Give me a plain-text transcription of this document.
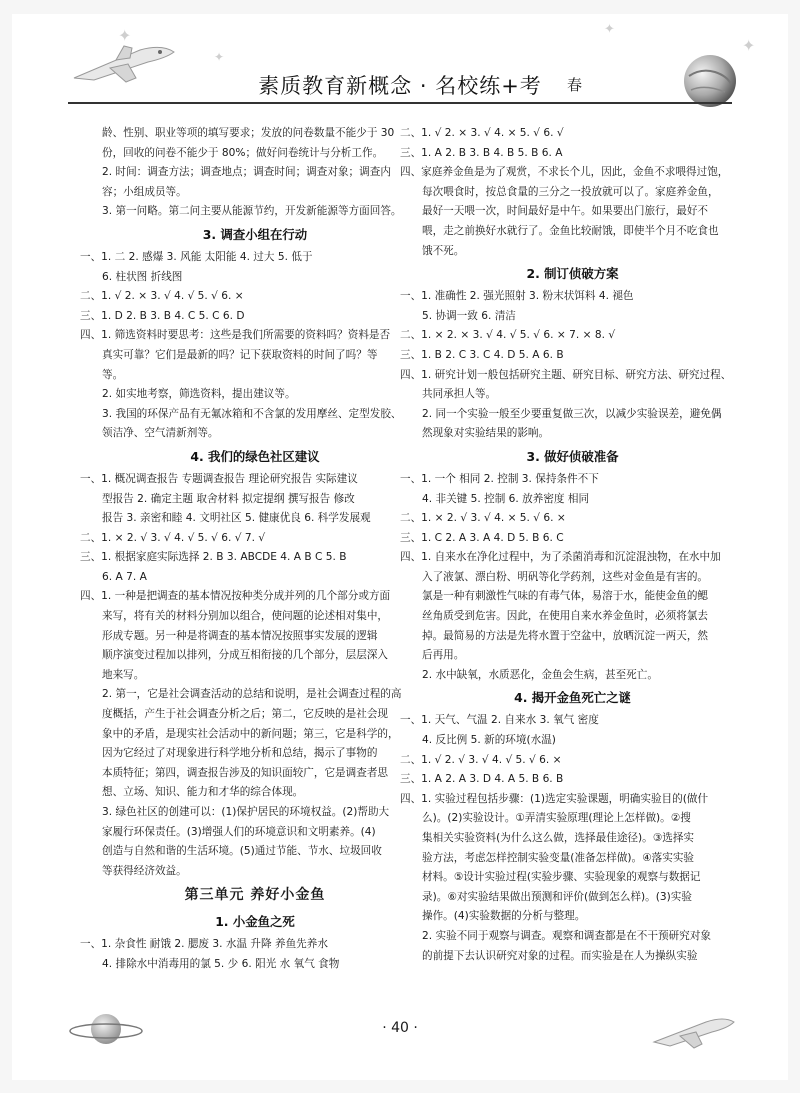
✦
✦
✦
✦
素质教育新概念 · 名校练+考	春
龄、性别、职业等项的填写要求；发放的问卷数量不能少于 30
份，回收的问卷不能少于 80%；做好问卷统计与分析工作。
2. 时间：调查方法；调查地点；调查时间；调查对象；调查内
容；小组成员等。
3. 第一问略。第二问主要从能源节约，开发新能源等方面回答。
3. 调查小组在行动
一、1. 二 2. 感爆 3. 风能 太阳能 4. 过大 5. 低于
6. 柱状图 折线图
二、1. √ 2. × 3. √ 4. √ 5. √ 6. ×
三、1. D 2. B 3. B 4. C 5. C 6. D
四、1. 筛选资料时要思考：这些是我们所需要的资料吗？资料是否
真实可靠？它们是最新的吗？记下获取资料的时间了吗？等
等。
2. 如实地考察，筛选资料，提出建议等。
3. 我国的环保产品有无氟冰箱和不含氯的发用摩丝、定型发胶、
领洁净、空气清新剂等。
4. 我们的绿色社区建议
一、1. 概况调查报告 专题调查报告 理论研究报告 实际建议
型报告 2. 确定主题 取舍材料 拟定提纲 撰写报告 修改
报告 3. 亲密和睦 4. 文明社区 5. 健康优良 6. 科学发展观
二、1. × 2. √ 3. √ 4. √ 5. √ 6. √ 7. √
三、1. 根据家庭实际选择 2. B 3. ABCDE 4. A B C 5. B
6. A 7. A
四、1. 一种是把调查的基本情况按种类分成并列的几个部分或方面
来写，将有关的材料分别加以组合，使问题的论述相对集中，
形成专题。另一种是将调查的基本情况按照事实发展的逻辑
顺序演变过程加以排列，分成互相衔接的几个部分，层层深入
地来写。
2. 第一，它是社会调查活动的总结和说明，是社会调查过程的高
度概括，产生于社会调查分析之后；第二，它反映的是社会现
象中的矛盾，是现实社会活动中的新问题；第三，它是科学的，
因为它经过了对现象进行科学地分析和总结，揭示了事物的
本质特征；第四，调查报告涉及的知识面较广，它是调查者思
想、立场、知识、能力和才华的综合体现。
3. 绿色社区的创建可以：(1)保护居民的环境权益。(2)帮助大
家履行环保责任。(3)增强人们的环境意识和文明素养。(4)
创造与自然和谐的生活环境。(5)通过节能、节水、垃圾回收
等获得经济效益。
第三单元 养好小金鱼
1. 小金鱼之死
一、1. 杂食性 耐饿 2. 腮废 3. 水温 升降 养鱼先养水
4. 排除水中消毒用的氯 5. 少 6. 阳光 水 氧气 食物
二、1. √ 2. × 3. √ 4. × 5. √ 6. √
三、1. A 2. B 3. B 4. B 5. B 6. A
四、家庭养金鱼是为了观赏，不求长个儿，因此，金鱼不求喂得过饱，
每次喂食时，按总食量的三分之一投放就可以了。家庭养金鱼，
最好一天喂一次，时间最好是中午。如果要出门旅行，最好不
喂，走之前换好水就行了。金鱼比较耐饿，即使半个月不吃食也
饿不死。
2. 制订侦破方案
一、1. 准确性 2. 强光照射 3. 粉末状饵料 4. 褪色
5. 协调一致 6. 清洁
二、1. × 2. × 3. √ 4. √ 5. √ 6. × 7. × 8. √
三、1. B 2. C 3. C 4. D 5. A 6. B
四、1. 研究计划一般包括研究主题、研究目标、研究方法、研究过程、
共同承担人等。
2. 同一个实验一般至少要重复做三次，以减少实验误差，避免偶
然现象对实验结果的影响。
3. 做好侦破准备
一、1. 一个 相同 2. 控制 3. 保持条件不下
4. 非关键 5. 控制 6. 放养密度 相同
二、1. × 2. √ 3. √ 4. × 5. √ 6. ×
三、1. C 2. A 3. A 4. D 5. B 6. C
四、1. 自来水在净化过程中，为了杀菌消毒和沉淀混浊物，在水中加
入了液氯、漂白粉、明矾等化学药剂，这些对金鱼是有害的。
氯是一种有刺激性气味的有毒气体，易溶于水，能使金鱼的鳃
丝角质受到危害。因此，在使用自来水养金鱼时，必须将氯去
掉。最简易的方法是先将水置于空盆中，放晒沉淀一两天，然
后再用。
2. 水中缺氧，水质恶化，金鱼会生病，甚至死亡。
4. 揭开金鱼死亡之谜
一、1. 天气、气温 2. 自来水 3. 氧气 密度
4. 反比例 5. 新的环境(水温)
二、1. √ 2. √ 3. √ 4. √ 5. √ 6. ×
三、1. A 2. A 3. D 4. A 5. B 6. B
四、1. 实验过程包括步骤：(1)选定实验课题，明确实验目的(做什
么)。(2)实验设计。①弄清实验原理(理论上怎样做)。②搜
集相关实验资料(为什么这么做，选择最佳途径)。③选择实
验方法，考虑怎样控制实验变量(准备怎样做)。④落实实验
材料。⑤设计实验过程(实验步骤、实验现象的观察与数据记
录)。⑥对实验结果做出预测和评价(做到怎么样)。(3)实验
操作。(4)实验数据的分析与整理。
2. 实验不同于观察与调查。观察和调查都是在不干预研究对象
的前提下去认识研究对象的过程。而实验是在人为操纵实验
· 40 ·
